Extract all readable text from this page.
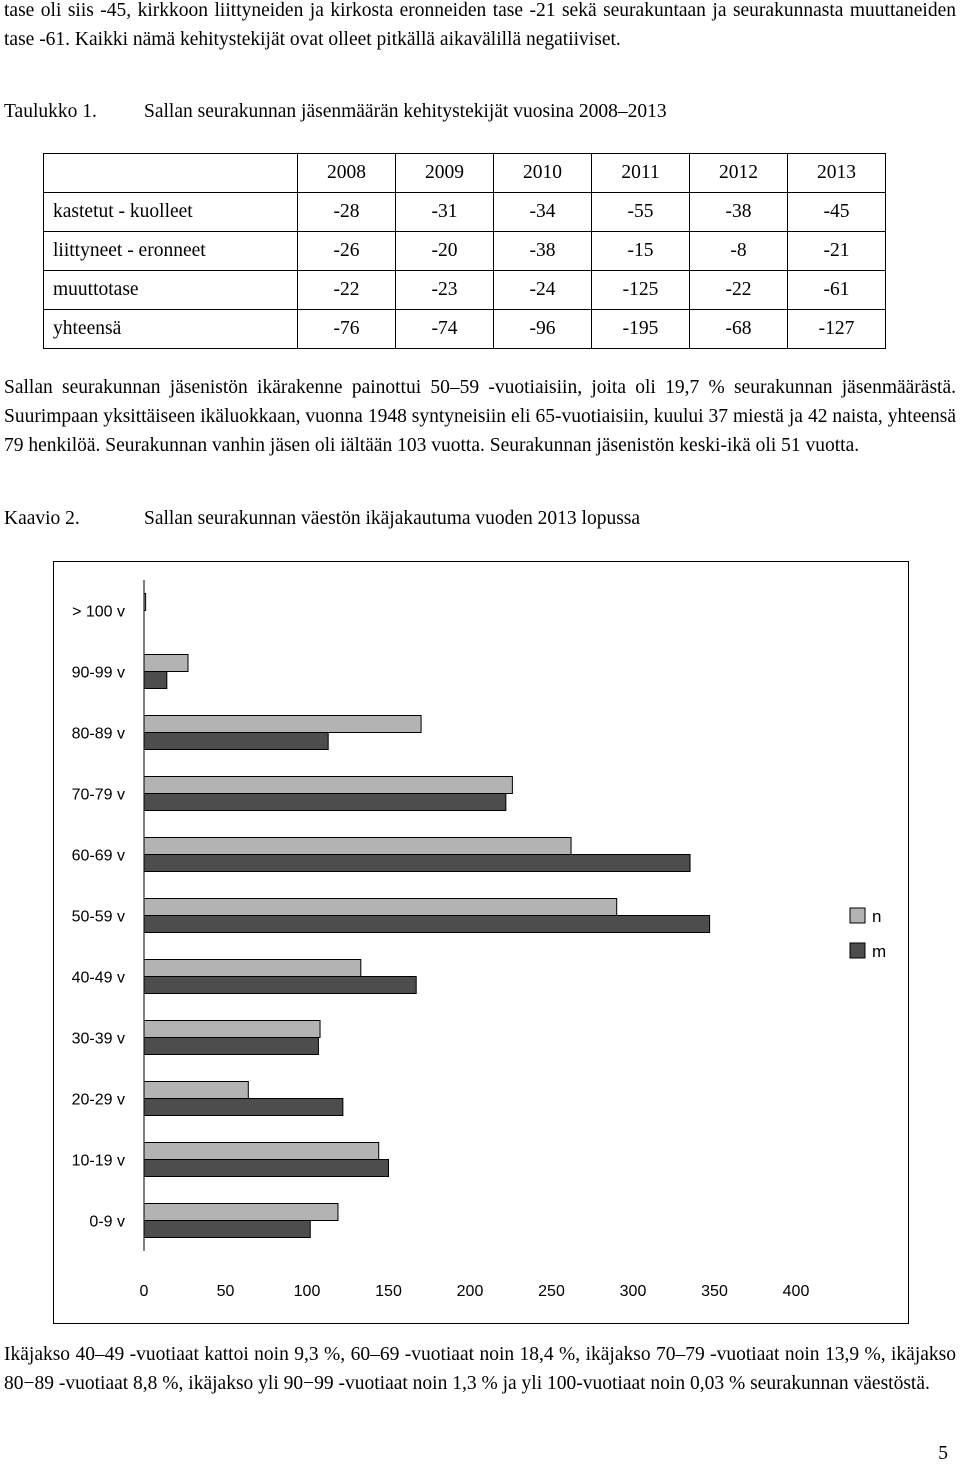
tase oli siis -45, kirkkoon liittyneiden ja kirkosta eronneiden tase -21 sekä seurakuntaan ja seurakunnasta muuttaneiden tase -61. Kaikki nämä kehitystekijät ovat olleet pitkällä aikavälillä negatiiviset.
Taulukko 1. Sallan seurakunnan jäsenmäärän kehitystekijät vuosina 2008–2013
	2008	2009	2010	2011	2012	2013
kastetut - kuolleet	-28	-31	-34	-55	-38	-45
liittyneet - eronneet	-26	-20	-38	-15	-8	-21
muuttotase	-22	-23	-24	-125	-22	-61
yhteensä	-76	-74	-96	-195	-68	-127
Sallan seurakunnan jäsenistön ikärakenne painottui 50–59 -vuotiaisiin, joita oli 19,7 % seurakunnan jäsenmäärästä. Suurimpaan yksittäiseen ikäluokkaan, vuonna 1948 syntyneisiin eli 65-vuotiaisiin, kuului 37 miestä ja 42 naista, yhteensä 79 henkilöä. Seurakunnan vanhin jäsen oli iältään 103 vuotta. Seurakunnan jäsenistön keski-ikä oli 51 vuotta.
Kaavio 2.	Sallan seurakunnan väestön ikäjakautuma vuoden 2013 lopussa
> 100 v
90-99 v
80-89 v
70-79 v
60-69 v
50-59 v
40-49 v
30-39 v
20-29 v
10-19 v
0-9 v
0	50	100	150	200	250	300	350	400
n
m
Ikäjakso 40–49 -vuotiaat kattoi noin 9,3 %, 60–69 -vuotiaat noin 18,4 %, ikäjakso 70–79 -vuotiaat noin 13,9 %, ikäjakso 80−89 -vuotiaat 8,8 %, ikäjakso yli 90−99 -vuotiaat noin 1,3 % ja yli 100-vuotiaat noin 0,03 % seurakunnan väestöstä.
5
